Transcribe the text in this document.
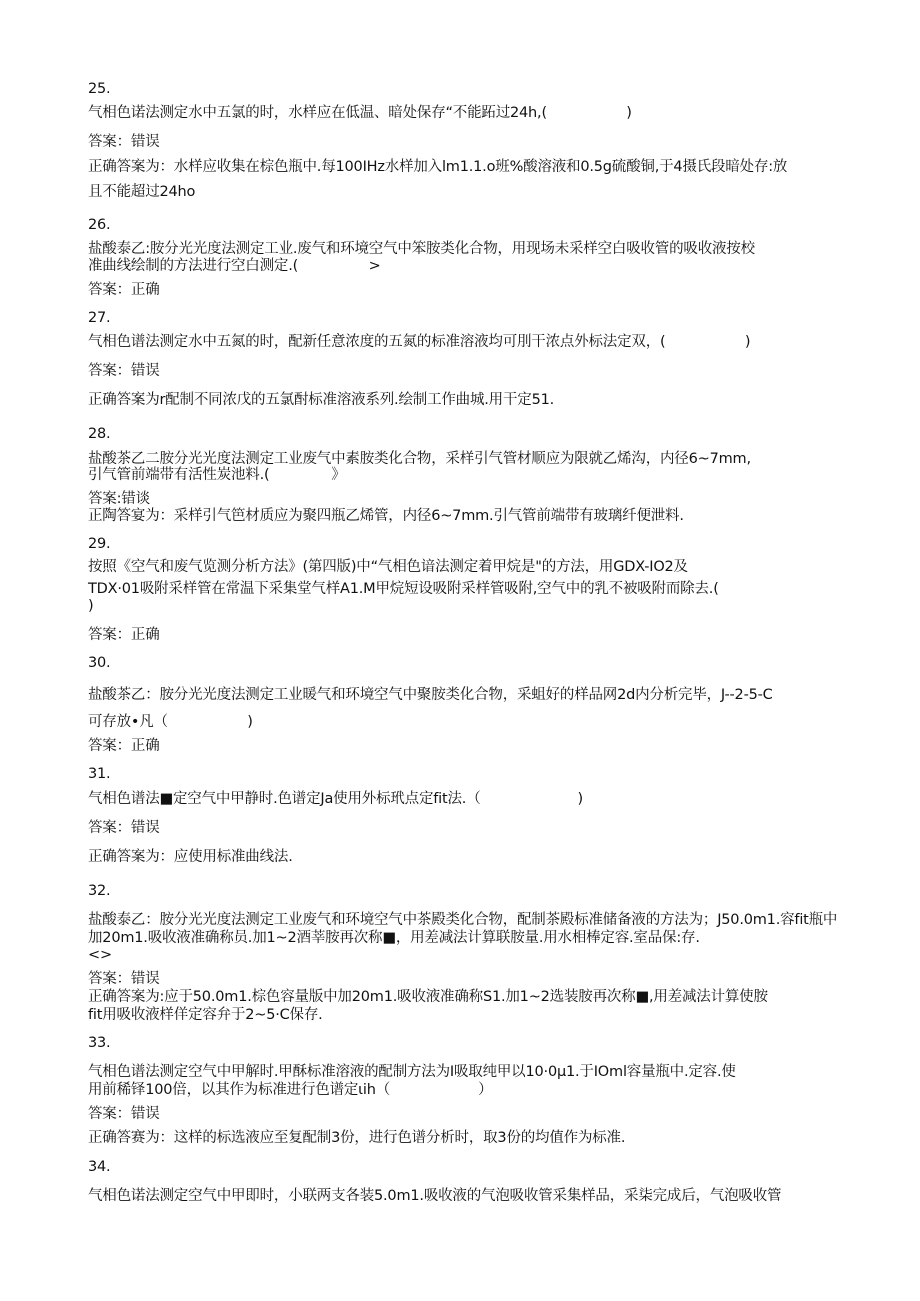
25.
气相色诺法测定水中五氯的时，水样应在低温、暗处保存“不能跖过24h,(                  )
答案：错误
正确答案为：水样应收集在棕色瓶中.每100IHz水样加入lm1.1.o班%酸溶液和0.5g硫酸铜,于4摄氏段暗处存:放
且不能超过24ho
26.
盐酸泰乙:胺分光光度法测定工业.废气和环境空气中笨胺类化合物，用现场未采样空白吸收管的吸收液按校
准曲线绘制的方法进行空白测定.(                >
答案：正确
27.
气相色谱法测定水中五氮的时，配新任意浓度的五氮的标准溶液均可刖干浓点外标法定双，(                  )
答案：错误
正确答案为r配制不同浓戊的五氯酎标准溶液系列.绘制工作曲城.用干定51.
28.
盐酸茶乙二胺分光光度法测定工业废气中素胺类化合物，采样引气管材顺应为限就乙烯沟，内径6~7mm,
引气管前端带有活性炭池料.(              》
答案:错谈
正陶答宴为：采样引气笆材质应为聚四瓶乙烯管，内径6~7mm.引气管前端带有玻璃纤便泄料.
29.
按照《空气和废气览测分析方法》(第四版)中“气相色谙法测定着甲烷是"的方法，用GDX-IO2及
TDX·01吸附采样管在常温下采集堂气样A1.M甲烷短设吸附采样管吸附,空气中的乳不被吸附而除去.(
)
答案：正确
30.
盐酸茶乙：胺分光光度法测定工业暖气和环境空气中聚胺类化合物，采蛆好的样品网2d内分析完毕，J--2-5-C
可存放•凡（                  )
答案：正确
31.
气相色谱法■定空气中甲静时.色谱定Ja使用外标玳点定fit法.（                      )
答案：错误
正确答案为：应使用标准曲线法.
32.
盐酸泰乙：胺分光光度法测定工业废气和环境空气中茶殿类化合物，配制茶殿标准储备液的方法为；J50.0m1.容fit瓶中
加20m1.吸收液准确称员.加1~2酒莘胺再次称■，用差减法计算联胺量.用水相棒定容.室品保:存.
<>
答案：错误
正确答案为:应于50.0m1.棕色容量版中加20m1.吸收液准确称S1.加1~2选装胺再次称■,用差减法计算使胺
fit用吸收液样佯定容弁于2~5·C保存.
33.
气相色谱法测定空气中甲解时.甲酥标准溶液的配制方法为I吸取纯甲以10·0μ1.于IOml容量瓶中.定容.使
用前稀铎100倍，以其作为标准进行色谱定ιih（                    ）
答案：错误
正确答赛为：这样的标选液应至复配制3份，进行色谱分析时，取3份的均值作为标准.
34.
气相色诺法测定空气中甲即时，小联两支各装5.0m1.吸收液的气泡吸收管采集样品，采柒完成后，气泡吸收管
